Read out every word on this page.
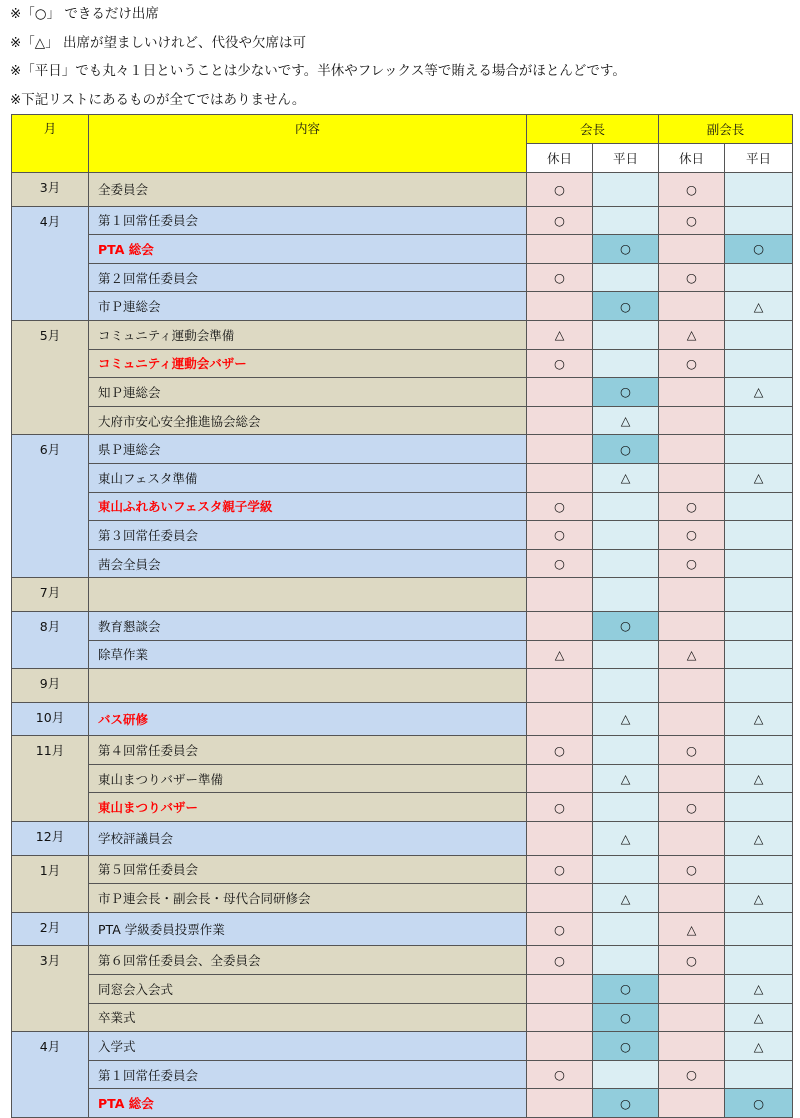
※「○」 できるだけ出席
※「△」 出席が望ましいけれど、代役や欠席は可
※「平日」でも丸々１日ということは少ないです。半休やフレックス等で賄える場合がほとんどです。
※下記リストにあるものが全てではありません。
月	内容	会長		副会長	
		休日	平日	休日	平日
3月	全委員会	○		○	
4月	第１回常任委員会	○		○	
	PTA 総会		○		○
	第２回常任委員会	○		○	
	市Ｐ連総会		○		△
5月	コミュニティ運動会準備	△		△	
	コミュニティ運動会バザー	○		○	
	知Ｐ連総会		○		△
	大府市安心安全推進協会総会		△		
6月	県Ｐ連総会		○		
	東山フェスタ準備		△		△
	東山ふれあいフェスタ親子学級	○		○	
	第３回常任委員会	○		○	
	茜会全員会	○		○	
7月					
8月	教育懇談会		○		
	除草作業	△		△	
9月					
10月	バス研修		△		△
11月	第４回常任委員会	○		○	
	東山まつりバザー準備		△		△
	東山まつりバザー	○		○	
12月	学校評議員会		△		△
1月	第５回常任委員会	○		○	
	市Ｐ連会長・副会長・母代合同研修会		△		△
2月	PTA 学級委員投票作業	○		△	
3月	第６回常任委員会、全委員会	○		○	
	同窓会入会式		○		△
	卒業式		○		△
4月	入学式		○		△
	第１回常任委員会	○		○	
	PTA 総会		○		○
